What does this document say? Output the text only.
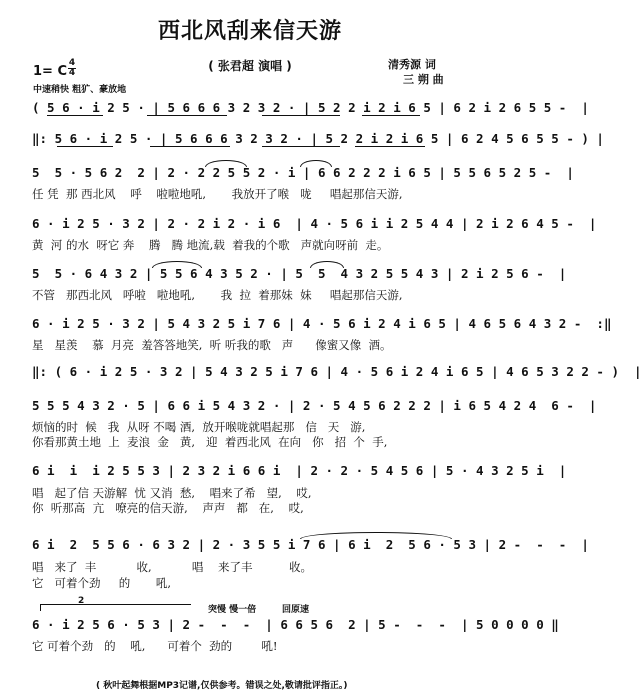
西北风刮来信天游
( 张君超 演唱 )	清秀源 词
三 朔 曲
1= C
4
4
中速稍快 粗犷、豪放地
( 5 6 · i 2 5 · | 5 6 6 6 3 2 3 2 · | 5 2 2 i 2 i 6 5 | 6 2 i 2 6 5 5 -  |
‖: 5 6 · i 2 5 · | 5 6 6 6 3 2 3 2 · | 5 2 2 i 2 i 6 5 | 6 2 4 5 6 5 5 - ) |
5  5 · 5 6 2  2 | 2 · 2 2 5 5 2 · i | 6 6 2 2 2 i 6 5 | 5 5 6 5 2 5 -  |
任 凭  那 西北风    呼    啦啦地吼,       我放开了喉   咙     唱起那信天游,
6 · i 2 5 · 3 2 | 2 · 2 i 2 · i 6  | 4 · 5 6 i i 2 5 4 4 | 2 i 2 6 4 5 -  |
黄  河 的水  呀它 奔    腾   腾 地流,载  着我的个歌   声就向呀前  走。
5  5 · 6 4 3 2 | 5 5 6 4 3 5 2 · | 5  5  4 3 2 5 5 4 3 | 2 i 2 5 6 -  |
不管   那西北风   呼啦   啦地吼,       我  拉  着那妹  妹     唱起那信天游,
6 · i 2 5 · 3 2 | 5 4 3 2 5 i 7 6 | 4 · 5 6 i 2 4 i 6 5 | 4 6 5 6 4 3 2 -  :‖
星   星羡    慕  月亮  羞答答地笑,  听 听我的歌   声      像蜜又像  酒。
‖: ( 6 · i 2 5 · 3 2 | 5 4 3 2 5 i 7 6 | 4 · 5 6 i 2 4 i 6 5 | 4 6 5 3 2 2 - )  |
5 5 5 4 3 2 · 5 | 6 6 i 5 4 3 2 · | 2 · 5 4 5 6 2 2 2 | i 6 5 4 2 4  6 -  |
烦恼的时  候   我  从呀 不喝 酒,  放开喉咙就唱起那   信   天   游,
你看那黄土地  上  麦浪  金   黄,   迎  着西北风  在向   你   招  个  手,
6 i  i  i 2 5 5 3 | 2 3 2 i 6 6 i  | 2 · 2 · 5 4 5 6 | 5 · 4 3 2 5 i  |
唱   起了信 天游解  忧 又消  愁,    唱来了希   望,    哎,
你  听那高  亢   嘹亮的信天游,    声声   都   在,    哎,
6 i  2  5 5 6 · 6 3 2 | 2 · 3 5 5 i 7 6 | 6 i  2  5 6 · 5 3 | 2 -  -  -  |
唱   来了  丰           收,           唱    来了丰          收。
它   可着个劲     的       吼,
2
突慢 慢一倍	回原速
6 · i 2 5 6 · 5 3 | 2 -  -  -  | 6 6 5 6  2 | 5 -  -  -  | 5 0 0 0 0 ‖
它 可着个劲   的    吼,      可着个  劲的        吼!
( 秋叶起舞根据MP3记谱,仅供参考。错误之处,敬请批评指正。)
